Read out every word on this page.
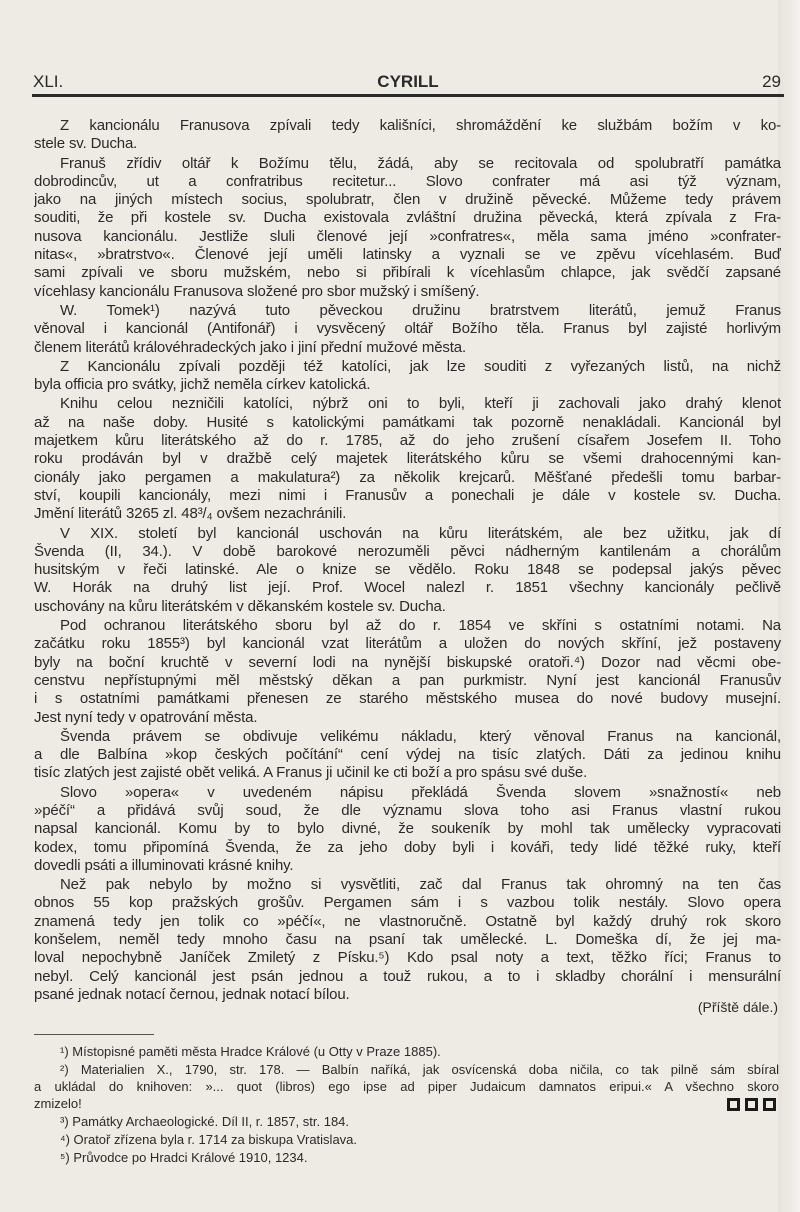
XLI.	CYRILL	29
Z kancionálu Franusova zpívali tedy kališníci, shromáždění ke službám božím v ko-
stele sv. Ducha.
Franuš zřídiv oltář k Božímu tělu, žádá, aby se recitovala od spolubratří památka
dobrodincův, ut a confratribus recitetur... Slovo confrater má asi týž význam,
jako na jiných místech socius, spolubratr, člen v družině pěvecké. Můžeme tedy právem
souditi, že při kostele sv. Ducha existovala zvláštní družina pěvecká, která zpívala z Fra-
nusova kancionálu. Jestliže sluli členové její »confratres«, měla sama jméno »confrater-
nitas«, »bratrstvo«. Členové její uměli latinsky a vyznali se ve zpěvu vícehlasém. Buď
sami zpívali ve sboru mužském, nebo si přibírali k vícehlasům chlapce, jak svědčí zapsané
vícehlasy kancionálu Franusova složené pro sbor mužský i smíšený.
W. Tomek¹) nazývá tuto pěveckou družinu bratrstvem literátů, jemuž Franus
věnoval i kancionál (Antifonář) i vysvěcený oltář Božího těla. Franus byl zajisté horlivým
členem literátů královéhradeckých jako i jiní přední mužové města.
Z Kancionálu zpívali později též katolíci, jak lze souditi z vyřezaných listů, na nichž
byla officia pro svátky, jichž neměla církev katolická.
Knihu celou nezničili katolíci, nýbrž oni to byli, kteří ji zachovali jako drahý klenot
až na naše doby. Husité s katolickými památkami tak pozorně nenakládali. Kancionál byl
majetkem kůru literátského až do r. 1785, až do jeho zrušení císařem Josefem II. Toho
roku prodáván byl v dražbě celý majetek literátského kůru se všemi drahocennými kan-
cionály jako pergamen a makulatura²) za několik krejcarů. Měšťané předešli tomu barbar-
ství, koupili kancionály, mezi nimi i Franusův a ponechali je dále v kostele sv. Ducha.
Jmění literátů 3265 zl. 48³/₄ ovšem nezachránili.
V XIX. století byl kancionál uschován na kůru literátském, ale bez užitku, jak dí
Švenda (II, 34.). V době barokové nerozuměli pěvci nádherným kantilenám a chorálům
husitským v řeči latinské. Ale o knize se vědělo. Roku 1848 se podepsal jakýs pěvec
W. Horák na druhý list její. Prof. Wocel nalezl r. 1851 všechny kancionály pečlivě
uschovány na kůru literátském v děkanském kostele sv. Ducha.
Pod ochranou literátského sboru byl až do r. 1854 ve skříni s ostatními notami. Na
začátku roku 1855³) byl kancionál vzat literátům a uložen do nových skříní, jež postaveny
byly na boční kruchtě v severní lodi na nynější biskupské oratoři.⁴) Dozor nad věcmi obe-
censtvu nepřístupnými měl městský děkan a pan purkmistr. Nyní jest kancionál Franusův
i s ostatními památkami přenesen ze starého městského musea do nové budovy musejní.
Jest nyní tedy v opatrování města.
Švenda právem se obdivuje velikému nákladu, který věnoval Franus na kancionál,
a dle Balbína »kop českých počítání“ cení výdej na tisíc zlatých. Dáti za jedinou knihu
tisíc zlatých jest zajisté obět veliká. A Franus ji učinil ke cti boží a pro spásu své duše.
Slovo »opera« v uvedeném nápisu překládá Švenda slovem »snažností« neb
»péčí“ a přidává svůj soud, že dle významu slova toho asi Franus vlastní rukou
napsal kancionál. Komu by to bylo divné, že soukeník by mohl tak umělecky vypracovati
kodex, tomu připomíná Švenda, že za jeho doby byli i kováři, tedy lidé těžké ruky, kteří
dovedli psáti a illuminovati krásné knihy.
Než pak nebylo by možno si vysvětliti, zač dal Franus tak ohromný na ten čas
obnos 55 kop pražských grošův. Pergamen sám i s vazbou tolik nestály. Slovo opera
znamená tedy jen tolik co »péčí«, ne vlastnoručně. Ostatně byl každý druhý rok skoro
konšelem, neměl tedy mnoho času na psaní tak umělecké. L. Domeška dí, že jej ma-
loval nepochybně Janíček Zmiletý z Písku.⁵) Kdo psal noty a text, těžko říci; Franus to
nebyl. Celý kancionál jest psán jednou a touž rukou, a to i skladby chorální i mensurální
psané jednak notací černou, jednak notací bílou.
(Příště dále.)
¹) Místopisné paměti města Hradce Králové (u Otty v Praze 1885).
²) Materialien X., 1790, str. 178. — Balbín naříká, jak osvícenská doba ničila, co tak pilně sám sbíral
a ukládal do knihoven: »... quot (libros) ego ipse ad piper Judaicum damnatos eripui.« A všechno skoro
zmizelo!
³) Památky Archaeologické. Díl II, r. 1857, str. 184.
⁴) Oratoř zřízena byla r. 1714 za biskupa Vratislava.
⁵) Průvodce po Hradci Králové 1910, 1234.
